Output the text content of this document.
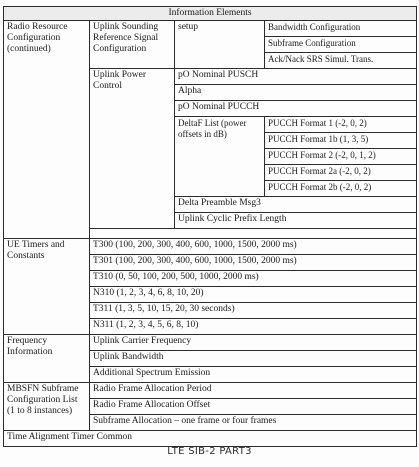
Information Elements			
Radio Resource Configuration (continued)	Uplink Sounding Reference Signal Configuration	setup	Bandwidth Configuration
			Subframe Configuration
			Ack/Nack SRS Simul. Trans.
	Uplink Power Control	pO Nominal PUSCH	
		Alpha	
		pO Nominal PUCCH	
		DeltaF List (power offsets in dB)	PUCCH Format 1 (-2, 0, 2)
			PUCCH Format 1b (1, 3, 5)
			PUCCH Format 2 (-2, 0, 1, 2)
			PUCCH Format 2a (-2, 0, 2)
			PUCCH Format 2b (-2, 0, 2)
		Delta Preamble Msg3	
		Uplink Cyclic Prefix Length	

UE Timers and Constants	T300 (100, 200, 300, 400, 600, 1000, 1500, 2000 ms)		
	T301 (100, 200, 300, 400, 600, 1000, 1500, 2000 ms)		
	T310 (0, 50, 100, 200, 500, 1000, 2000 ms)		
	N310 (1, 2, 3, 4, 6, 8, 10, 20)		
	T311 (1, 3, 5, 10, 15, 20, 30 seconds)		
	N311 (1, 2, 3, 4, 5, 6, 8, 10)		
Frequency Information	Uplink Carrier Frequency		
	Uplink Bandwidth		
	Additional Spectrum Emission		
MBSFN Subframe Configuration List (1 to 8 instances)	Radio Frame Allocation Period		
	Radio Frame Allocation Offset		
	Subframe Allocation – one frame or four frames		
Time Alignment Timer Common			
LTE SIB-2 PART3
